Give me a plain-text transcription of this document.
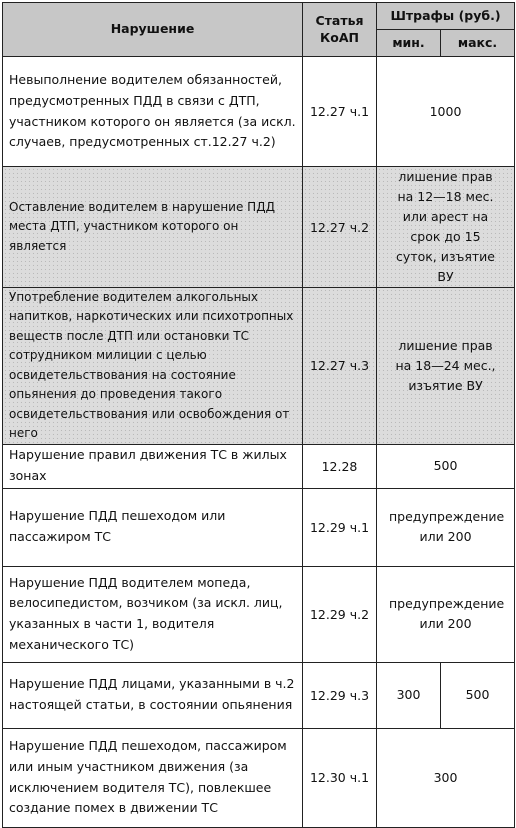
Нарушение	Статья КоАП	Штрафы (руб.)	
		мин.	макс.
Невыполнение водителем обязанностей, предусмотренных ПДД в связи с ДТП, участником которого он является (за искл. случаев, предусмотренных ст.12.27 ч.2)	12.27 ч.1	1000	
Оставление водителем в нарушение ПДД места ДТП, участником которого он является	12.27 ч.2	лишение прав на 12—18 мес. или арест на срок до 15 суток, изъятие ВУ	
Употребление водителем алкогольных напитков, наркотических или психотропных веществ после ДТП или остановки ТС сотрудником милиции с целью освидетельствования на состояние опьянения до проведения такого освидетельствования или освобождения от него	12.27 ч.3	лишение прав на 18—24 мес., изъятие ВУ	
Нарушение правил движения ТС в жилых зонах	12.28	500	
Нарушение ПДД пешеходом или пассажиром ТС	12.29 ч.1	предупреждение или 200	
Нарушение ПДД водителем мопеда, велосипедистом, возчиком (за искл. лиц, указанных в части 1, водителя механического ТС)	12.29 ч.2	предупреждение или 200	
Нарушение ПДД лицами, указанными в ч.2 настоящей статьи, в состоянии опьянения	12.29 ч.3	300	500
Нарушение ПДД пешеходом, пассажиром или иным участником движения (за исключением водителя ТС), повлекшее создание помех в движении ТС	12.30 ч.1	300	
